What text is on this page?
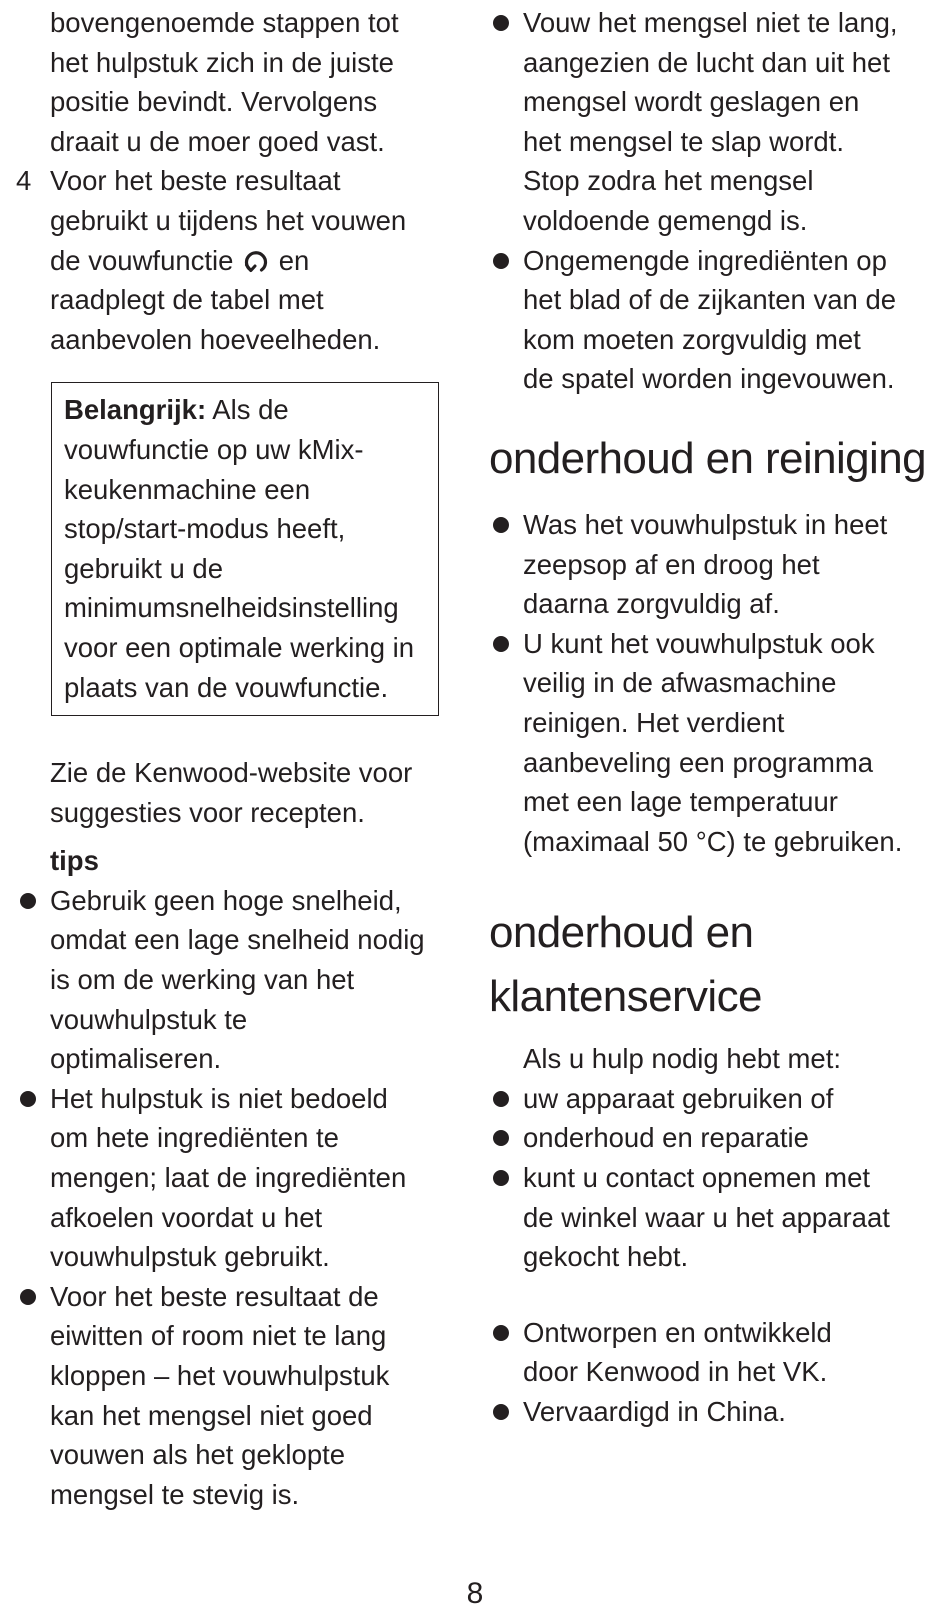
bovengenoemde stappen tot
het hulpstuk zich in de juiste
positie bevindt. Vervolgens
draait u de moer goed vast.

4 Voor het beste resultaat
gebruikt u tijdens het vouwen
de vouwfunctie en
raadplegt de tabel met
aanbevolen hoeveelheden.
Belangrijk: Als de
vouwfunctie op uw kMix-
keukenmachine een
stop/start-modus heeft,
gebruikt u de
minimumsnelheidsinstelling
voor een optimale werking in
plaats van de vouwfunctie.

Zie de Kenwood-website voor
suggesties voor recepten.

tips
Gebruik geen hoge snelheid,
omdat een lage snelheid nodig
is om de werking van het
vouwhulpstuk te
optimaliseren.
Het hulpstuk is niet bedoeld
om hete ingrediënten te
mengen; laat de ingrediënten
afkoelen voordat u het
vouwhulpstuk gebruikt.
Voor het beste resultaat de
eiwitten of room niet te lang
kloppen – het vouwhulpstuk
kan het mengsel niet goed
vouwen als het geklopte
mengsel te stevig is.
Vouw het mengsel niet te lang,
aangezien de lucht dan uit het
mengsel wordt geslagen en
het mengsel te slap wordt.
Stop zodra het mengsel
voldoende gemengd is.
Ongemengde ingrediënten op
het blad of de zijkanten van de
kom moeten zorgvuldig met
de spatel worden ingevouwen.
onderhoud en reiniging
Was het vouwhulpstuk in heet
zeepsop af en droog het
daarna zorgvuldig af.
U kunt het vouwhulpstuk ook
veilig in de afwasmachine
reinigen. Het verdient
aanbeveling een programma
met een lage temperatuur
(maximaal 50 °C) te gebruiken.
onderhoud en
klantenservice

Als u hulp nodig hebt met:

uw apparaat gebruiken of
onderhoud en reparatie
kunt u contact opnemen met
de winkel waar u het apparaat
gekocht hebt.
Ontworpen en ontwikkeld
door Kenwood in het VK.
Vervaardigd in China.
8
